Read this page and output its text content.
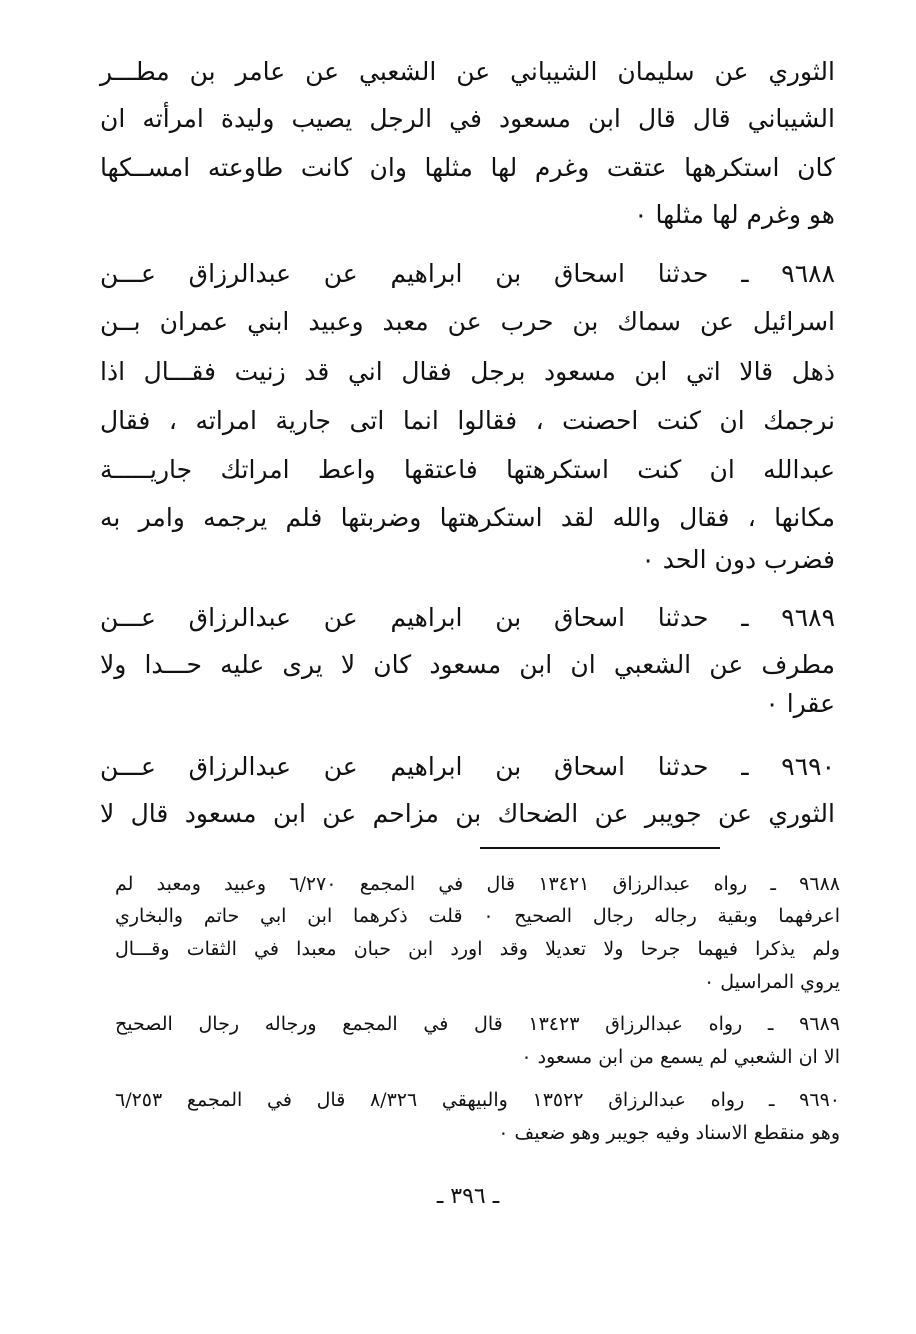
الثوري عن سليمان الشيباني عن الشعبي عن عامر بن مطـــر
الشيباني قال قال ابن مسعود في الرجل يصيب وليدة امرأته ان
كان استكرهها عتقت وغرم لها مثلها وان كانت طاوعته امســكها
هو وغرم لها مثلها ٠
٩٦٨٨ ـ حدثنا اسحاق بن ابراهيم عن عبدالرزاق عـــن
اسرائيل عن سماك بن حرب عن معبد وعبيد ابني عمران بــن
ذهل قالا اتي ابن مسعود برجل فقال اني قد زنيت فقـــال اذا
نرجمك ان كنت احصنت ، فقالوا انما اتى جارية امراته ، فقال
عبدالله ان كنت استكرهتها فاعتقها واعط امراتك جاريـــــة
مكانها ، فقال والله لقد استكرهتها وضربتها فلم يرجمه وامر به
فضرب دون الحد ٠
٩٦٨٩ ـ حدثنا اسحاق بن ابراهيم عن عبدالرزاق عـــن
مطرف عن الشعبي ان ابن مسعود كان لا يرى عليه حـــدا ولا
عقرا ٠
٩٦٩٠ ـ حدثنا اسحاق بن ابراهيم عن عبدالرزاق عـــن
الثوري عن جويبر عن الضحاك بن مزاحم عن ابن مسعود قال لا
٩٦٨٨ ـ رواه عبدالرزاق ١٣٤٢١ قال في المجمع ٦/٢٧٠ وعبيد ومعبد لم
اعرفهما وبقية رجاله رجال الصحيح ٠ قلت ذكرهما ابن ابي حاتم والبخاري
ولم يذكرا فيهما جرحا ولا تعديلا وقد اورد ابن حبان معبدا في الثقات وقـــال
يروي المراسيل ٠
٩٦٨٩ ـ رواه عبدالرزاق ١٣٤٢٣ قال في المجمع ورجاله رجال الصحيح
الا ان الشعبي لم يسمع من ابن مسعود ٠
٩٦٩٠ ـ رواه عبدالرزاق ١٣٥٢٢ والبيهقي ٨/٣٢٦ قال في المجمع ٦/٢٥٣
وهو منقطع الاسناد وفيه جويبر وهو ضعيف ٠
ـ ٣٩٦ ـ
